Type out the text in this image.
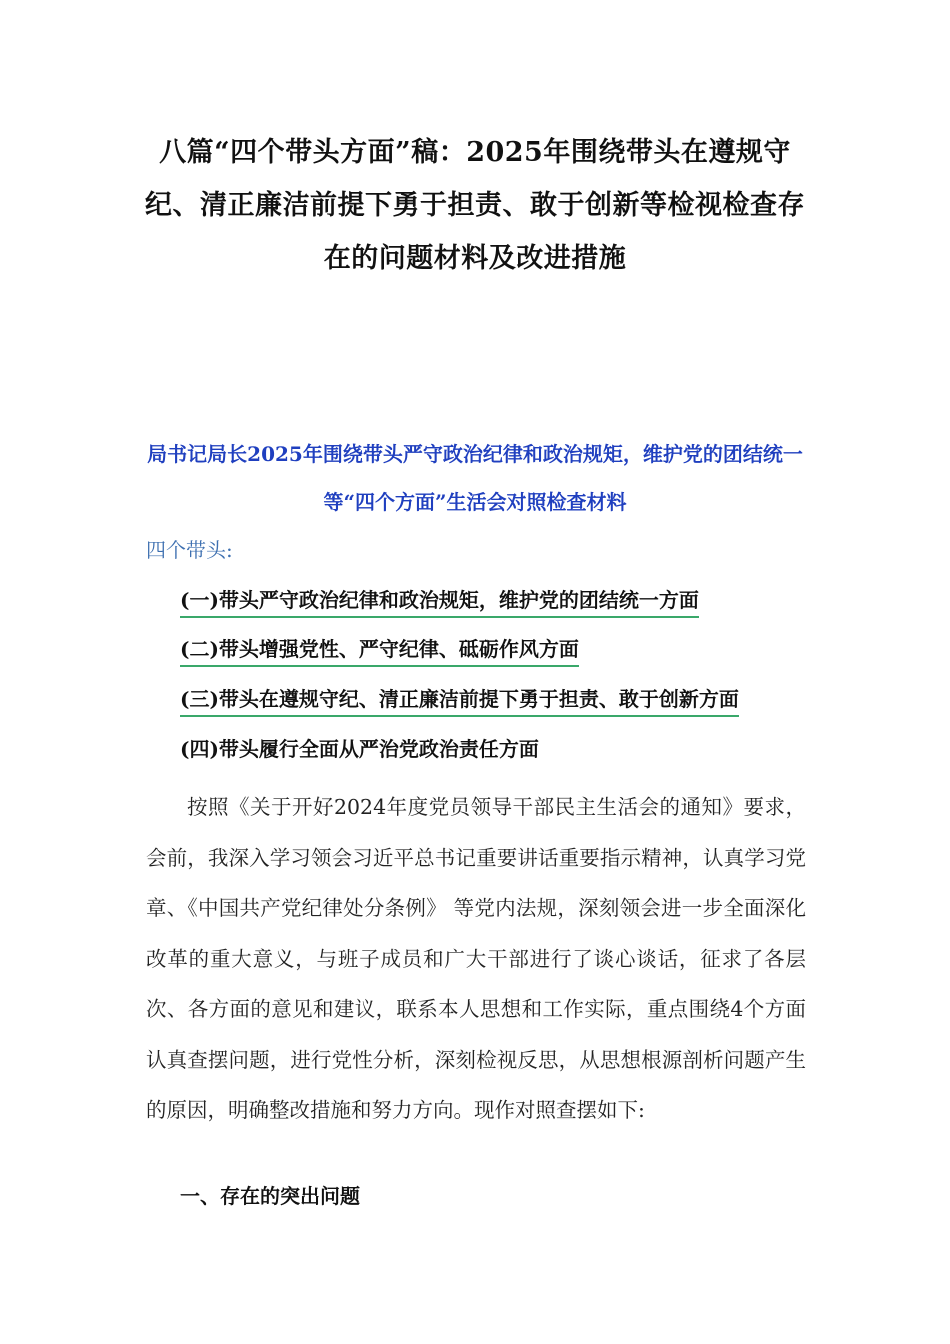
八篇“四个带头方面”稿：2025年围绕带头在遵规守纪、清正廉洁前提下勇于担责、敢于创新等检视检查存在的问题材料及改进措施
局书记局长2025年围绕带头严守政治纪律和政治规矩，维护党的团结统一等“四个方面”生活会对照检查材料
四个带头:
(一)带头严守政治纪律和政治规矩，维护党的团结统一方面
(二)带头增强党性、严守纪律、砥砺作风方面
(三)带头在遵规守纪、清正廉洁前提下勇于担责、敢于创新方面
(四)带头履行全面从严治党政治责任方面
按照《关于开好2024年度党员领导干部民主生活会的通知》要求，会前，我深入学习领会习近平总书记重要讲话重要指示精神，认真学习党章、《中国共产党纪律处分条例》 等党内法规，深刻领会进一步全面深化改革的重大意义，与班子成员和广大干部进行了谈心谈话，征求了各层次、各方面的意见和建议，联系本人思想和工作实际，重点围绕4个方面认真查摆问题，进行党性分析，深刻检视反思，从思想根源剖析问题产生的原因，明确整改措施和努力方向。现作对照查摆如下:
一、存在的突出问题
